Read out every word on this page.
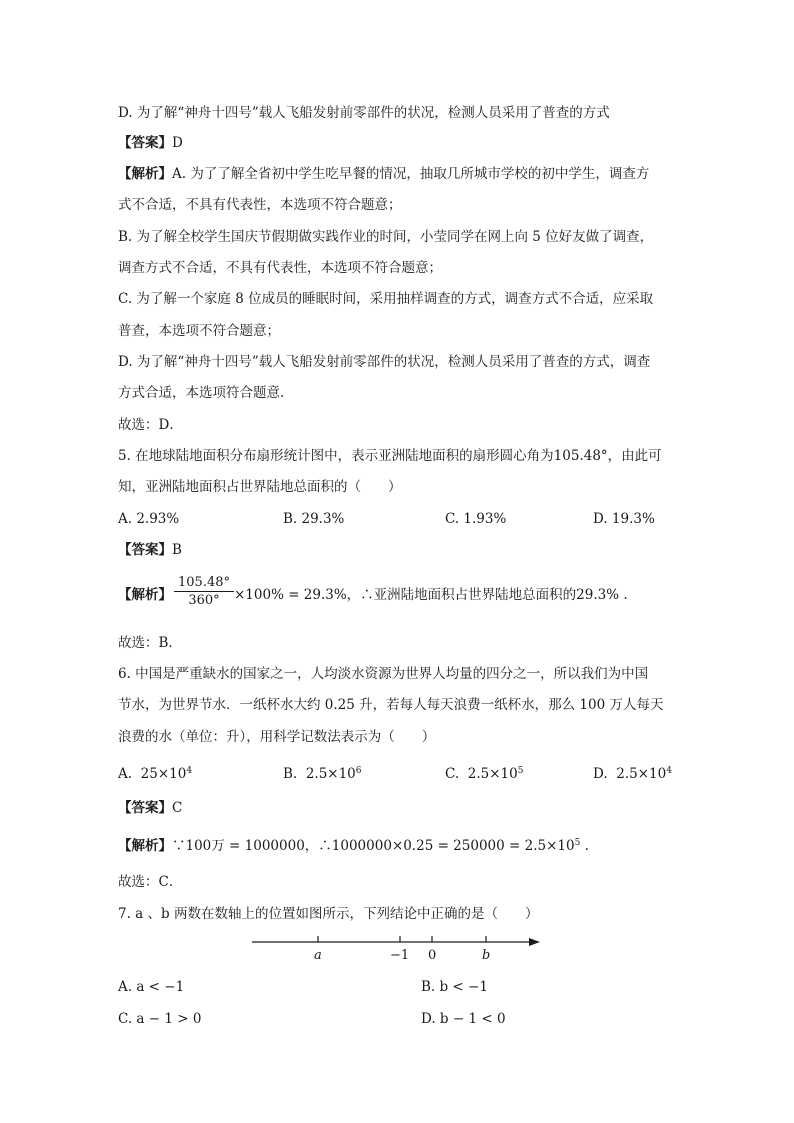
D. 为了解“神舟十四号”载人飞船发射前零部件的状况，检测人员采用了普查的方式
【答案】D
【解析】A. 为了了解全省初中学生吃早餐的情况，抽取几所城市学校的初中学生，调查方
式不合适，不具有代表性，本选项不符合题意；
B. 为了解全校学生国庆节假期做实践作业的时间，小莹同学在网上向 5 位好友做了调查，
调查方式不合适，不具有代表性，本选项不符合题意；
C. 为了解一个家庭 8 位成员的睡眠时间，采用抽样调查的方式，调查方式不合适，应采取
普查，本选项不符合题意；
D. 为了解“神舟十四号”载人飞船发射前零部件的状况，检测人员采用了普查的方式，调查
方式合适，本选项符合题意.
故选：D．
5. 在地球陆地面积分布扇形统计图中，表示亚洲陆地面积的扇形圆心角为105.48°，由此可
知，亚洲陆地面积占世界陆地总面积的（　　）
A. 2.93%	B. 29.3%	C. 1.93%	D. 19.3%
【答案】B
【解析】 $\frac{105.48^\circ}{360^\circ} \times 100\% = 29.3\%$，∴亚洲陆地面积占世界陆地总面积的29.3% .
故选：B．
6. 中国是严重缺水的国家之一，人均淡水资源为世界人均量的四分之一，所以我们为中国
节水，为世界节水．一纸杯水大约 0.25 升，若每人每天浪费一纸杯水，那么 100 万人每天
浪费的水（单位：升），用科学记数法表示为（　　）
A. $25\times 10^4$	B. $2.5\times 10^6$	C. $2.5\times 10^5$	D. $2.5\times 10^4$
【答案】C
【解析】∵100万 = 1000000，∴1000000×0.25 = $250000 = 2.5\times 10^5$ .
故选：C．
7. a 、b 两数在数轴上的位置如图所示，下列结论中正确的是（　　）
a	−1 0	b
A. a < −1	B. b < −1
C. a − 1 > 0	D. b − 1 < 0
